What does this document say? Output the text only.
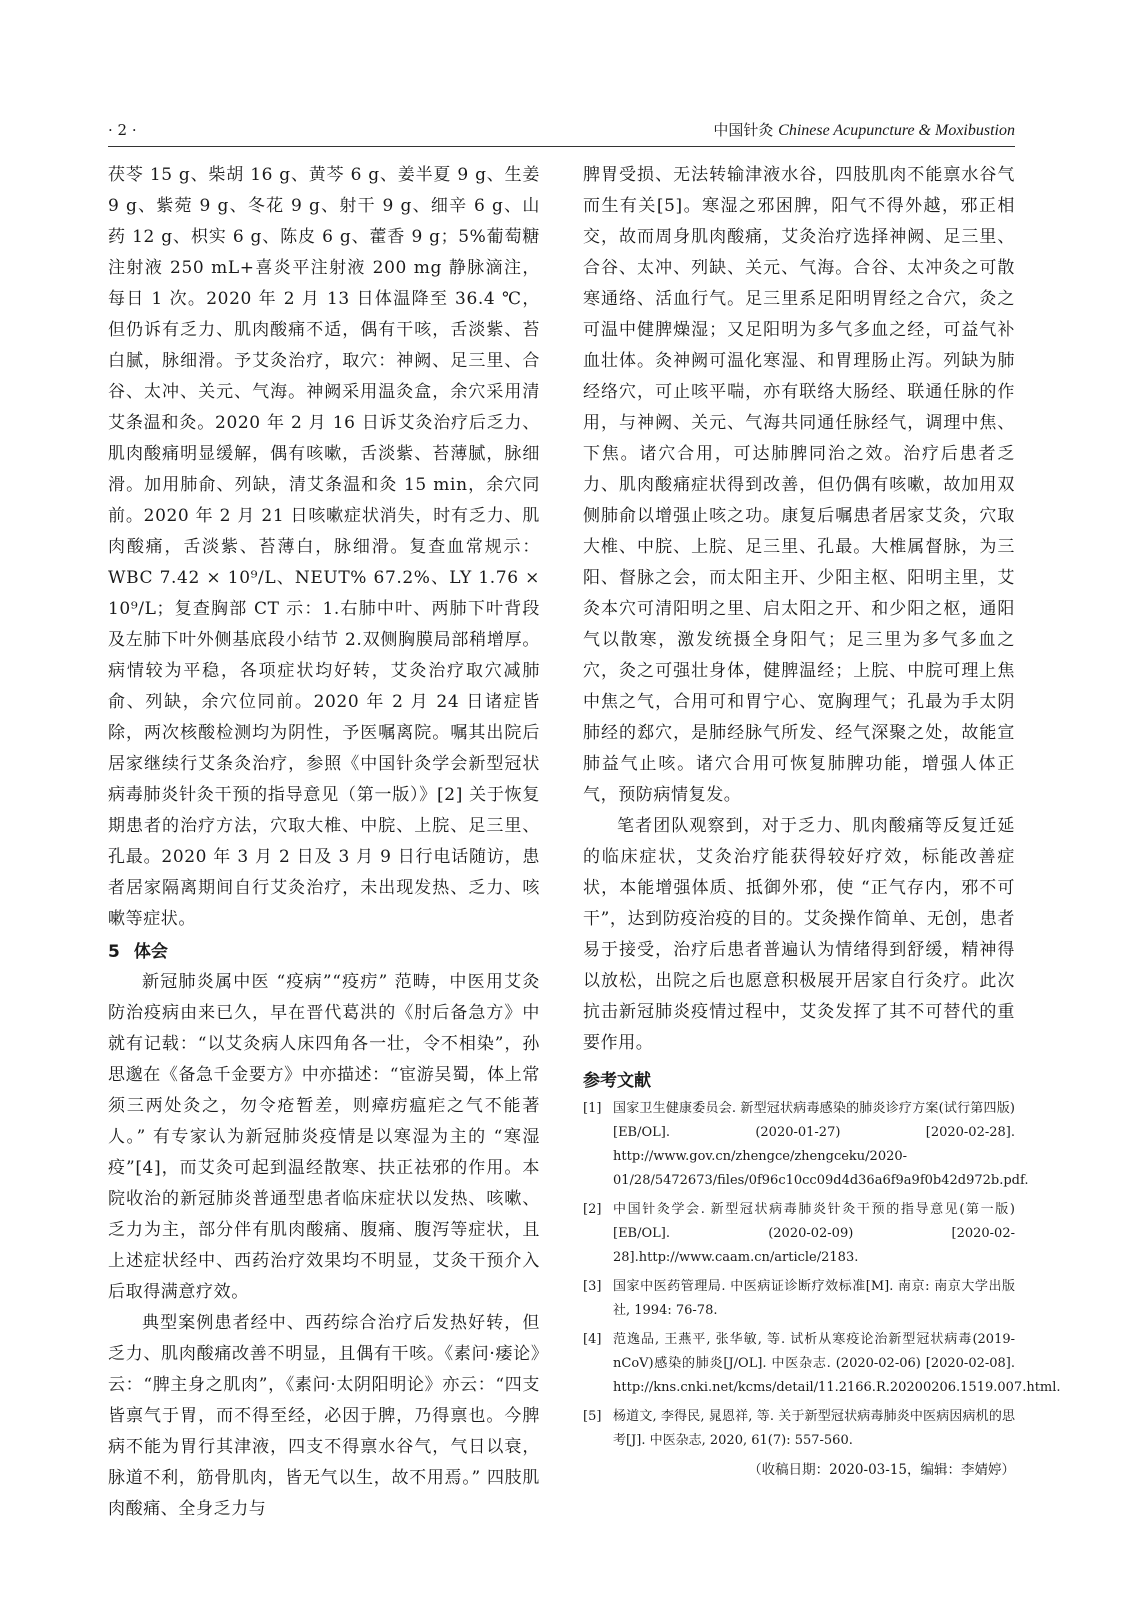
· 2 ·	中国针灸 Chinese Acupuncture & Moxibustion

茯苓 15 g、柴胡 16 g、黄芩 6 g、姜半夏 9 g、生姜 9 g、紫菀 9 g、冬花 9 g、射干 9 g、细辛 6 g、山药 12 g、枳实 6 g、陈皮 6 g、藿香 9 g；5%葡萄糖注射液 250 mL+喜炎平注射液 200 mg 静脉滴注，每日 1 次。2020 年 2 月 13 日体温降至 36.4 ℃，但仍诉有乏力、肌肉酸痛不适，偶有干咳，舌淡紫、苔白腻，脉细滑。予艾灸治疗，取穴：神阙、足三里、合谷、太冲、关元、气海。神阙采用温灸盒，余穴采用清艾条温和灸。2020 年 2 月 16 日诉艾灸治疗后乏力、肌肉酸痛明显缓解，偶有咳嗽，舌淡紫、苔薄腻，脉细滑。加用肺俞、列缺，清艾条温和灸 15 min，余穴同前。2020 年 2 月 21 日咳嗽症状消失，时有乏力、肌肉酸痛，舌淡紫、苔薄白，脉细滑。复查血常规示：WBC 7.42 × 10⁹/L、NEUT% 67.2%、LY 1.76 × 10⁹/L；复查胸部 CT 示：1.右肺中叶、两肺下叶背段及左肺下叶外侧基底段小结节 2.双侧胸膜局部稍增厚。病情较为平稳，各项症状均好转，艾灸治疗取穴减肺俞、列缺，余穴位同前。2020 年 2 月 24 日诸症皆除，两次核酸检测均为阴性，予医嘱离院。嘱其出院后居家继续行艾条灸治疗，参照《中国针灸学会新型冠状病毒肺炎针灸干预的指导意见（第一版）》[2] 关于恢复期患者的治疗方法，穴取大椎、中脘、上脘、足三里、孔最。2020 年 3 月 2 日及 3 月 9 日行电话随访，患者居家隔离期间自行艾灸治疗，未出现发热、乏力、咳嗽等症状。

5 体会

新冠肺炎属中医 “疫病”“疫疠” 范畴，中医用艾灸防治疫病由来已久，早在晋代葛洪的《肘后备急方》中就有记载：“以艾灸病人床四角各一壮，令不相染”，孙思邈在《备急千金要方》中亦描述：“宦游吴蜀，体上常须三两处灸之，勿令疮暂差，则瘴疠瘟疟之气不能著人。” 有专家认为新冠肺炎疫情是以寒湿为主的 “寒湿疫”[4]，而艾灸可起到温经散寒、扶正祛邪的作用。本院收治的新冠肺炎普通型患者临床症状以发热、咳嗽、乏力为主，部分伴有肌肉酸痛、腹痛、腹泻等症状，且上述症状经中、西药治疗效果均不明显，艾灸干预介入后取得满意疗效。

典型案例患者经中、西药综合治疗后发热好转，但乏力、肌肉酸痛改善不明显，且偶有干咳。《素问·痿论》云：“脾主身之肌肉”，《素问·太阴阳明论》亦云：“四支皆禀气于胃，而不得至经，必因于脾，乃得禀也。今脾病不能为胃行其津液，四支不得禀水谷气，气日以衰，脉道不利，筋骨肌肉，皆无气以生，故不用焉。” 四肢肌肉酸痛、全身乏力与

脾胃受损、无法转输津液水谷，四肢肌肉不能禀水谷气而生有关[5]。寒湿之邪困脾，阳气不得外越，邪正相交，故而周身肌肉酸痛，艾灸治疗选择神阙、足三里、合谷、太冲、列缺、关元、气海。合谷、太冲灸之可散寒通络、活血行气。足三里系足阳明胃经之合穴，灸之可温中健脾燥湿；又足阳明为多气多血之经，可益气补血壮体。灸神阙可温化寒湿、和胃理肠止泻。列缺为肺经络穴，可止咳平喘，亦有联络大肠经、联通任脉的作用，与神阙、关元、气海共同通任脉经气，调理中焦、下焦。诸穴合用，可达肺脾同治之效。治疗后患者乏力、肌肉酸痛症状得到改善，但仍偶有咳嗽，故加用双侧肺俞以增强止咳之功。康复后嘱患者居家艾灸，穴取大椎、中脘、上脘、足三里、孔最。大椎属督脉，为三阳、督脉之会，而太阳主开、少阳主枢、阳明主里，艾灸本穴可清阳明之里、启太阳之开、和少阳之枢，通阳气以散寒，激发统摄全身阳气；足三里为多气多血之穴，灸之可强壮身体，健脾温经；上脘、中脘可理上焦中焦之气，合用可和胃宁心、宽胸理气；孔最为手太阴肺经的郄穴，是肺经脉气所发、经气深聚之处，故能宣肺益气止咳。诸穴合用可恢复肺脾功能，增强人体正气，预防病情复发。

笔者团队观察到，对于乏力、肌肉酸痛等反复迁延的临床症状，艾灸治疗能获得较好疗效，标能改善症状，本能增强体质、抵御外邪，使 “正气存内，邪不可干”，达到防疫治疫的目的。艾灸操作简单、无创，患者易于接受，治疗后患者普遍认为情绪得到舒缓，精神得以放松，出院之后也愿意积极展开居家自行灸疗。此次抗击新冠肺炎疫情过程中，艾灸发挥了其不可替代的重要作用。

参考文献
[1] 国家卫生健康委员会. 新型冠状病毒感染的肺炎诊疗方案(试行第四版)[EB/OL]. (2020-01-27) [2020-02-28]. http://www.gov.cn/zhengce/zhengceku/2020-01/28/5472673/files/0f96c10cc09d4d36a6f9a9f0b42d972b.pdf.
[2] 中国针灸学会. 新型冠状病毒肺炎针灸干预的指导意见(第一版)[EB/OL]. (2020-02-09) [2020-02-28].http://www.caam.cn/article/2183.
[3] 国家中医药管理局. 中医病证诊断疗效标准[M]. 南京: 南京大学出版社, 1994: 76-78.
[4] 范逸品, 王燕平, 张华敏, 等. 试析从寒疫论治新型冠状病毒(2019-nCoV)感染的肺炎[J/OL]. 中医杂志. (2020-02-06) [2020-02-08]. http://kns.cnki.net/kcms/detail/11.2166.R.20200206.1519.007.html.
[5] 杨道文, 李得民, 晁恩祥, 等. 关于新型冠状病毒肺炎中医病因病机的思考[J]. 中医杂志, 2020, 61(7): 557-560.

（收稿日期：2020-03-15，编辑：李婧婷）
